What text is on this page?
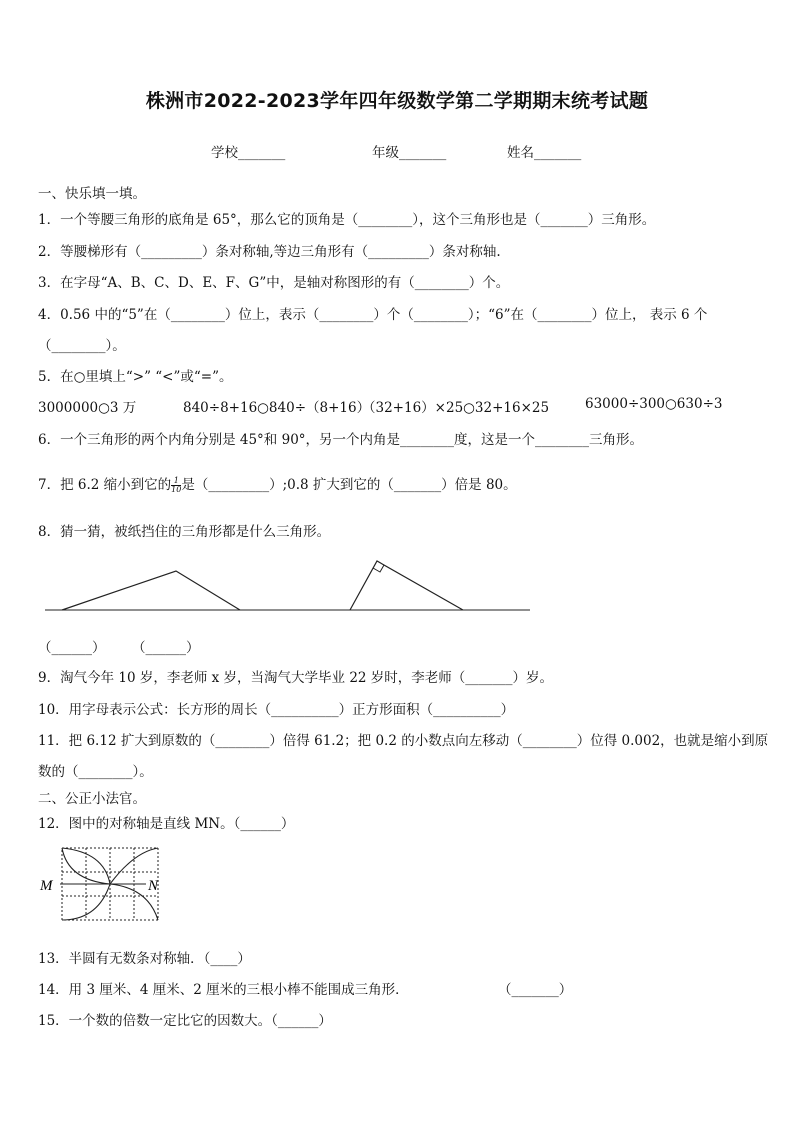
株洲市2022-2023学年四年级数学第二学期期末统考试题
学校_______	年级_______	姓名_______
一、快乐填一填。
1．一个等腰三角形的底角是 65°，那么它的顶角是（________），这个三角形也是（_______）三角形。
2．等腰梯形有（_________）条对称轴,等边三角形有（_________）条对称轴.
3．在字母“A、B、C、D、E、F、G”中，是轴对称图形的有（________）个。
4．0.56 中的“5”在（________）位上，表示（________）个（________）；“6”在（________）位上， 表示 6 个
（________）。
5．在○里填上“>” “<”或“=”。
3000000○3 万	840÷8+16○840÷（8+16）
（32+16）×25○32+16×25	63000÷300○630÷3
6．一个三角形的两个内角分别是 45°和 90°，另一个内角是________度，这是一个________三角形。
7．把 6.2 缩小到它的 $\frac{1}{10}$ 是（_________）;0.8 扩大到它的（_______）倍是 80。
8．猜一猜，被纸挡住的三角形都是什么三角形。
（______） （______）
9．淘气今年 10 岁，李老师 x 岁，当淘气大学毕业 22 岁时，李老师（_______）岁。
10．用字母表示公式：长方形的周长（__________）正方形面积（__________）
11．把 6.12 扩大到原数的（________）倍得 61.2；把 0.2 的小数点向左移动（________）位得 0.002，也就是缩小到原
数的（________）。
二、公正小法官。
12．图中的对称轴是直线 MN。（______）
M	N
13．半圆有无数条对称轴．（____）
14．用 3 厘米、4 厘米、2 厘米的三根小棒不能围成三角形．	（_______）
15．一个数的倍数一定比它的因数大。（______）
